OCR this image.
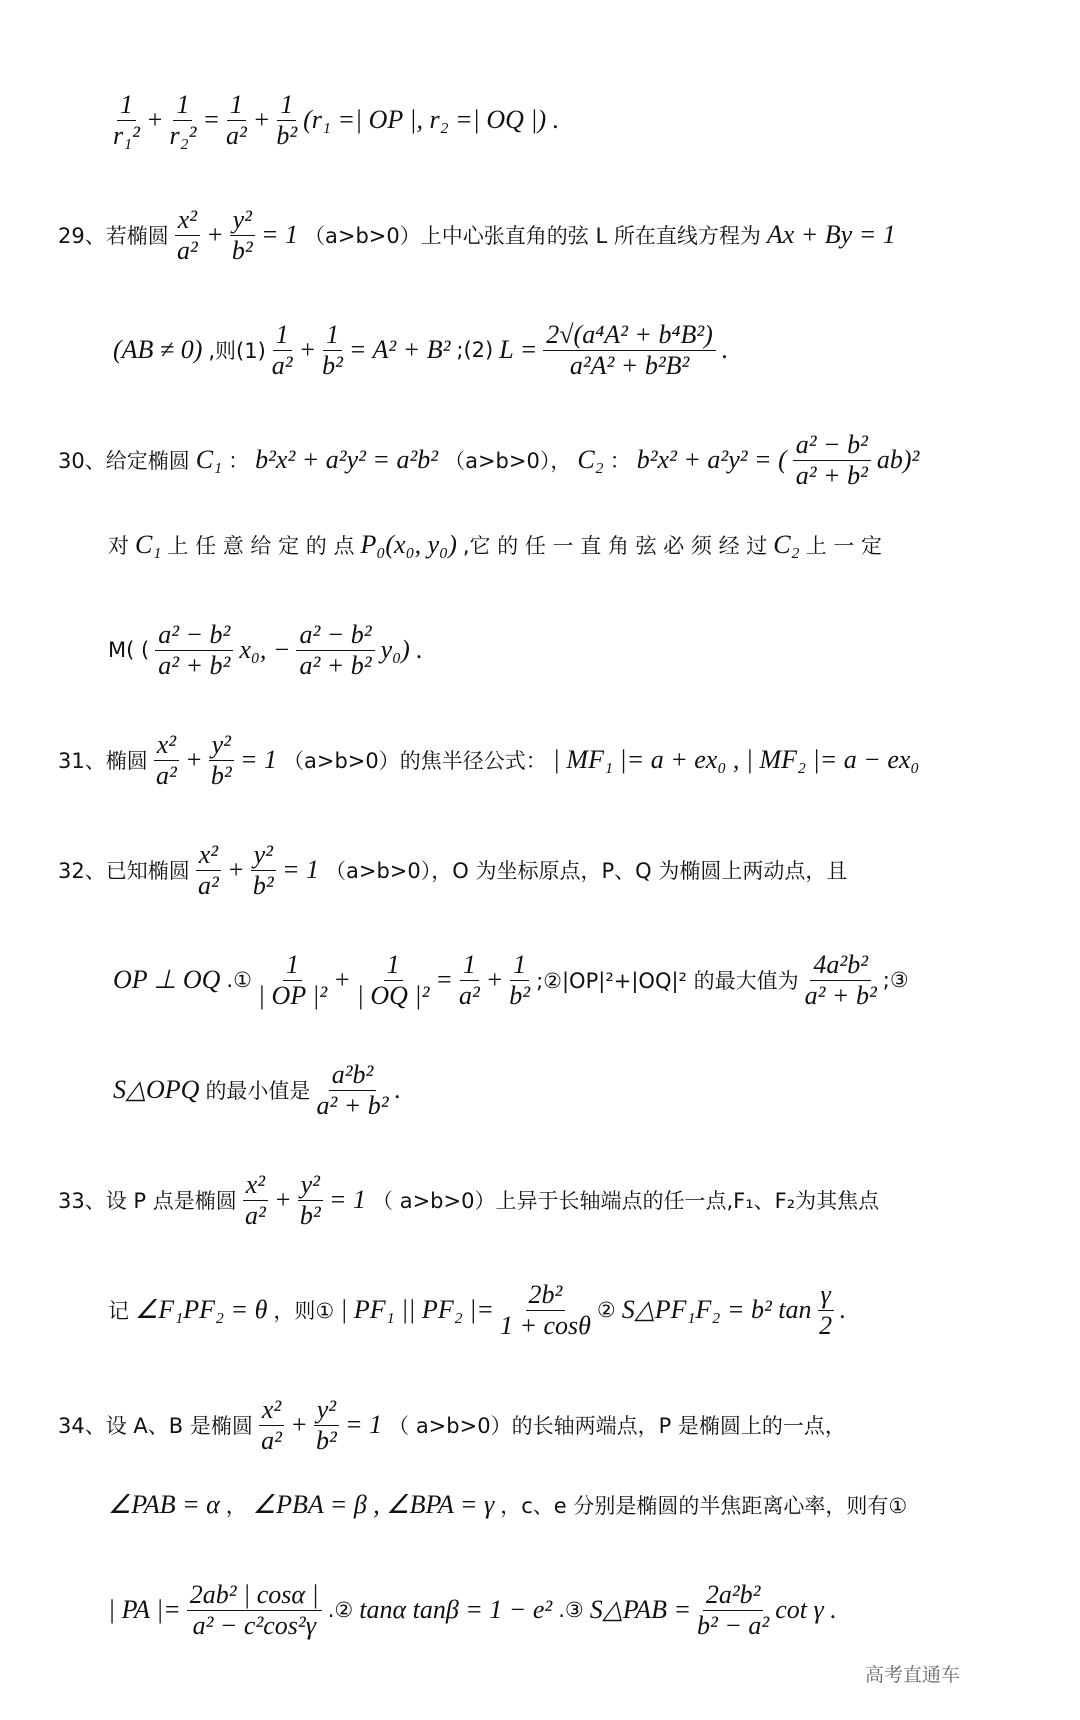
$\frac{1}{\text{r₁²}} + \frac{1}{\text{r₂²}} = \frac{1}{\text{a²}} + \frac{1}{\text{b²}} (r_1$ =| OP |, r₂ =| OQ |) .
29、若椭圆 $\frac{\text{x²}}{\text{a²}} + \frac{\text{y²}}{\text{b²}} = 1$ （a>b>0）上中心张直角的弦 L 所在直线方程为 Ax + By = 1
(AB ≠ 0) ,则$(1) \frac{1}{\text{a²}} + \frac{1}{\text{b²}} = A^2 + B^2$ ;(2) $L = \frac{\text{2√(a⁴A² + b⁴B²)}}{\text{a²A² + b²B²}}$ .
30、给定椭圆 C₁ ： b²x² + a²y² = a²b² （a>b>0）， C₂ ： b²x² + a²y² = ( $\frac{\text{a² − b²}}{\text{a² + b²}} ab)^2$
对 C₁ 上 任 意 给 定 的 点 P₀(x₀, y₀) ,它 的 任 一 直 角 弦 必 须 经 过 C₂ 上 一 定
M( ( $\frac{\text{a² − b²}}{\text{a² + b²}} x_0$, − $\frac{\text{a² − b²}}{\text{a² + b²}} y_0$) .
31、椭圆 $\frac{\text{x²}}{\text{a²}} + \frac{\text{y²}}{\text{b²}} = 1$ （a>b>0）的焦半径公式： | MF₁ |= a + ex₀ , | MF₂ |= a − ex₀
32、已知椭圆 $\frac{\text{x²}}{\text{a²}} + \frac{\text{y²}}{\text{b²}} = 1$ （a>b>0），O 为坐标原点，P、Q 为椭圆上两动点，且
OP ⊥ OQ .① $\frac{1}{\text{| OP |²}} + \frac{1}{\text{| OQ |²}} = \frac{1}{\text{a²}} + \frac{1}{\text{b²}}$ ;②|OP|²+|OQ|² 的最大值为 $\frac{\text{4a²b²}}{\text{a² + b²}}$ ;③
S△OPQ 的最小值是 $\frac{\text{a²b²}}{\text{a² + b²}}$ .
33、设 P 点是椭圆 $\frac{\text{x²}}{\text{a²}} + \frac{\text{y²}}{\text{b²}} = 1$ （ a>b>0）上异于长轴端点的任一点,F₁、F₂为其焦点
记 ∠F₁PF₂ = θ ，则① | PF₁ || PF₂ |= $\frac{\text{2b²}}{1 + \cos\theta}$ ② S△PF₁F₂ = b² $\tan \frac{\gamma}{2}$ .
34、设 A、B 是椭圆 $\frac{\text{x²}}{\text{a²}} + \frac{\text{y²}}{\text{b²}} = 1$ （ a>b>0）的长轴两端点，P 是椭圆上的一点，
∠PAB = α ， ∠PBA = β , ∠BPA = γ ，c、e 分别是椭圆的半焦距离心率，则有①
| PA |= $\frac{\text{2ab² | cosα |}}{\text{a² − c²cos²γ}}$ .② tanα tanβ = 1 − e² .③ S△PAB = $\frac{\text{2a²b²}}{\text{b² − a²}}$ cot γ .
高考直通车
